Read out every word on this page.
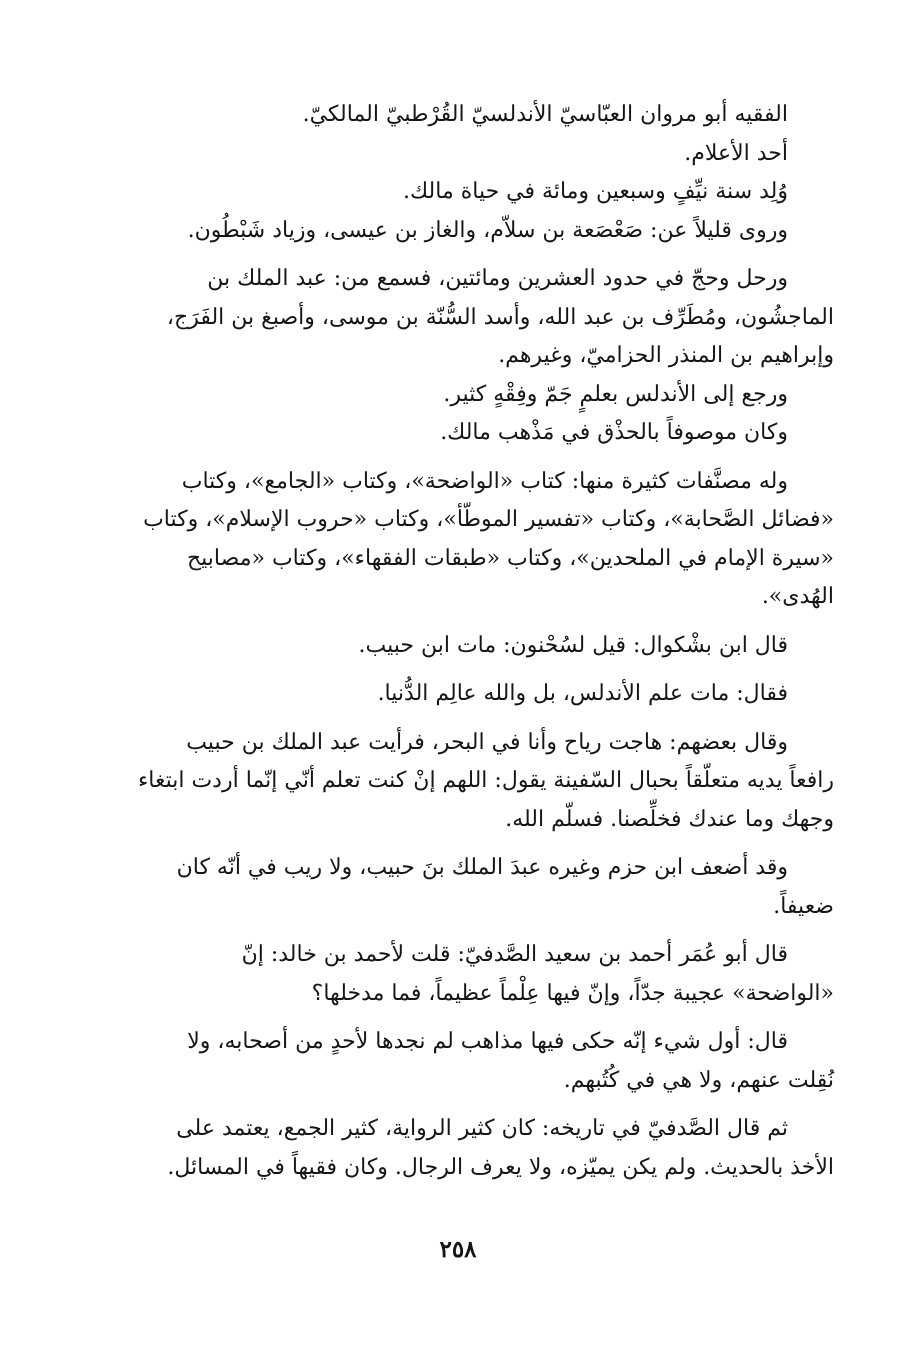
الفقيه أبو مروان العبّاسيّ الأندلسيّ القُرْطبيّ المالكيّ.
أحد الأعلام.
وُلِد سنة نيِّفٍ وسبعين ومائة في حياة مالك.
وروى قليلاً عن: صَعْصَعة بن سلاّم، والغاز بن عيسى، وزياد شَبْطُون.

ورحل وحجّ في حدود العشرين ومائتين، فسمع من: عبد الملك بن
الماجشُون، ومُطَرِّف بن عبد الله، وأسد السُّنّة بن موسى، وأصبغ بن الفَرَج،
وإبراهيم بن المنذر الحزاميّ، وغيرهم.
ورجع إلى الأندلس بعلمٍ جَمّ وفِقْهٍ كثير.
وكان موصوفاً بالحذْق في مَذْهب مالك.

وله مصنَّفات كثيرة منها: كتاب «الواضحة»، وكتاب «الجامع»، وكتاب
«فضائل الصَّحابة»، وكتاب «تفسير الموطّأ»، وكتاب «حروب الإسلام»، وكتاب
«سيرة الإمام في الملحدين»، وكتاب «طبقات الفقهاء»، وكتاب «مصابيح
الهُدى».

قال ابن بشْكوال: قيل لسُحْنون: مات ابن حبيب.

فقال: مات علم الأندلس، بل والله عالِم الدُّنيا.

وقال بعضهم: هاجت رياح وأنا في البحر، فرأيت عبد الملك بن حبيب
رافعاً يديه متعلّقاً بحبال السّفينة يقول: اللهم إنْ كنت تعلم أنّي إنّما أردت ابتغاء
وجهك وما عندك فخلِّصنا. فسلّم الله.

وقد أضعف ابن حزم وغيره عبدَ الملك بنَ حبيب، ولا ريب في أنّه كان
ضعيفاً.

قال أبو عُمَر أحمد بن سعيد الصَّدفيّ: قلت لأحمد بن خالد: إنّ
«الواضحة» عجيبة جدّاً، وإنّ فيها عِلْماً عظيماً، فما مدخلها؟

قال: أول شيء إنّه حكى فيها مذاهب لم نجدها لأحدٍ من أصحابه، ولا
نُقِلت عنهم، ولا هي في كُتُبهم.

ثم قال الصَّدفيّ في تاريخه: كان كثير الرواية، كثير الجمع، يعتمد على
الأخذ بالحديث. ولم يكن يميّزه، ولا يعرف الرجال. وكان فقيهاً في المسائل.

٢٥٨
